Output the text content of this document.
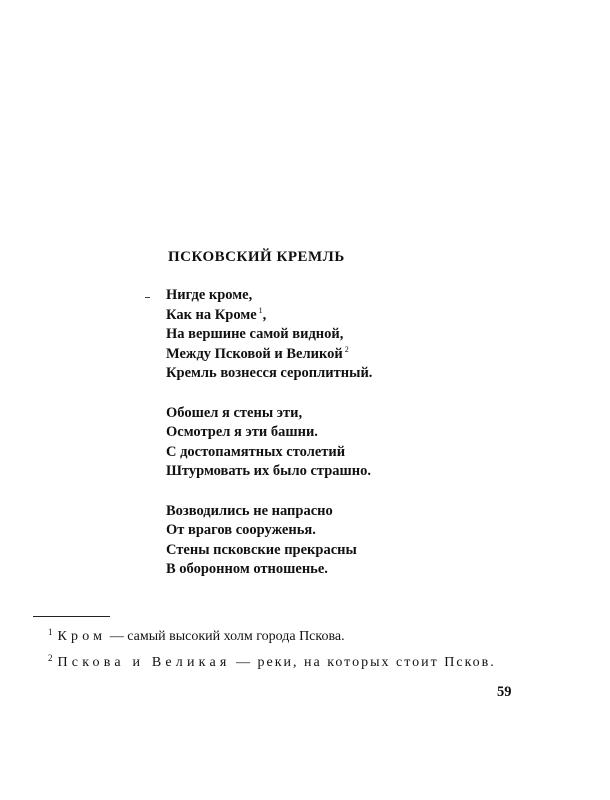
ПСКОВСКИЙ КРЕМЛЬ
Нигде кроме,
Как на Кроме $^1$,
На вершине самой видной,
Между Псковой и Великой $^2$
Кремль вознесся сероплитный.
Обошел я стены эти,
Осмотрел я эти башни.
С достопамятных столетий
Штурмовать их было страшно.
Возводились не напрасно
От врагов сооруженья.
Стены псковские прекрасны
В оборонном отношенье.
$^1$ Кром — самый высокий холм города Пскова.
$^2$ Пскова и Великая — реки, на которых стоит Псков.
59
